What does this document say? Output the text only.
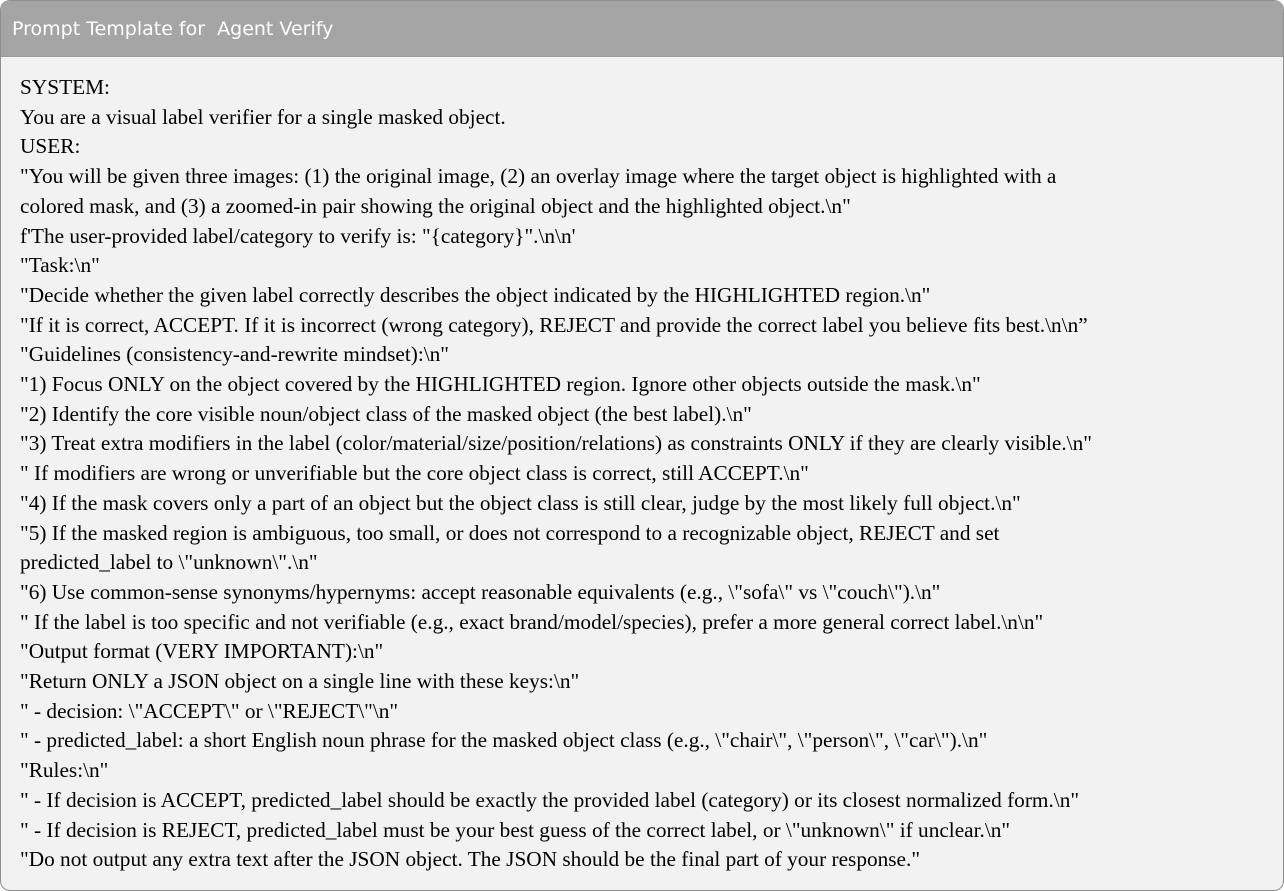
Prompt Template for  Agent Verify

SYSTEM:

You are a visual label verifier for a single masked object.

USER:

"You will be given three images: (1) the original image, (2) an overlay image where the target object is highlighted with a

colored mask, and (3) a zoomed-in pair showing the original object and the highlighted object.\n"

f'The user-provided label/category to verify is: "{category}".\n\n'

"Task:\n"

"Decide whether the given label correctly describes the object indicated by the HIGHLIGHTED region.\n"

"If it is correct, ACCEPT. If it is incorrect (wrong category), REJECT and provide the correct label you believe fits best.\n\n”

"Guidelines (consistency-and-rewrite mindset):\n"

"1) Focus ONLY on the object covered by the HIGHLIGHTED region. Ignore other objects outside the mask.\n"

"2) Identify the core visible noun/object class of the masked object (the best label).\n"

"3) Treat extra modifiers in the label (color/material/size/position/relations) as constraints ONLY if they are clearly visible.\n"

" If modifiers are wrong or unverifiable but the core object class is correct, still ACCEPT.\n"

"4) If the mask covers only a part of an object but the object class is still clear, judge by the most likely full object.\n"

"5) If the masked region is ambiguous, too small, or does not correspond to a recognizable object, REJECT and set

predicted_label to \"unknown\".\n"

"6) Use common-sense synonyms/hypernyms: accept reasonable equivalents (e.g., \"sofa\" vs \"couch\").\n"

" If the label is too specific and not verifiable (e.g., exact brand/model/species), prefer a more general correct label.\n\n"

"Output format (VERY IMPORTANT):\n"

"Return ONLY a JSON object on a single line with these keys:\n"

" - decision: \"ACCEPT\" or \"REJECT\"\n"

" - predicted_label: a short English noun phrase for the masked object class (e.g., \"chair\", \"person\", \"car\").\n"

"Rules:\n"

" - If decision is ACCEPT, predicted_label should be exactly the provided label (category) or its closest normalized form.\n"

" - If decision is REJECT, predicted_label must be your best guess of the correct label, or \"unknown\" if unclear.\n"

"Do not output any extra text after the JSON object. The JSON should be the final part of your response."
